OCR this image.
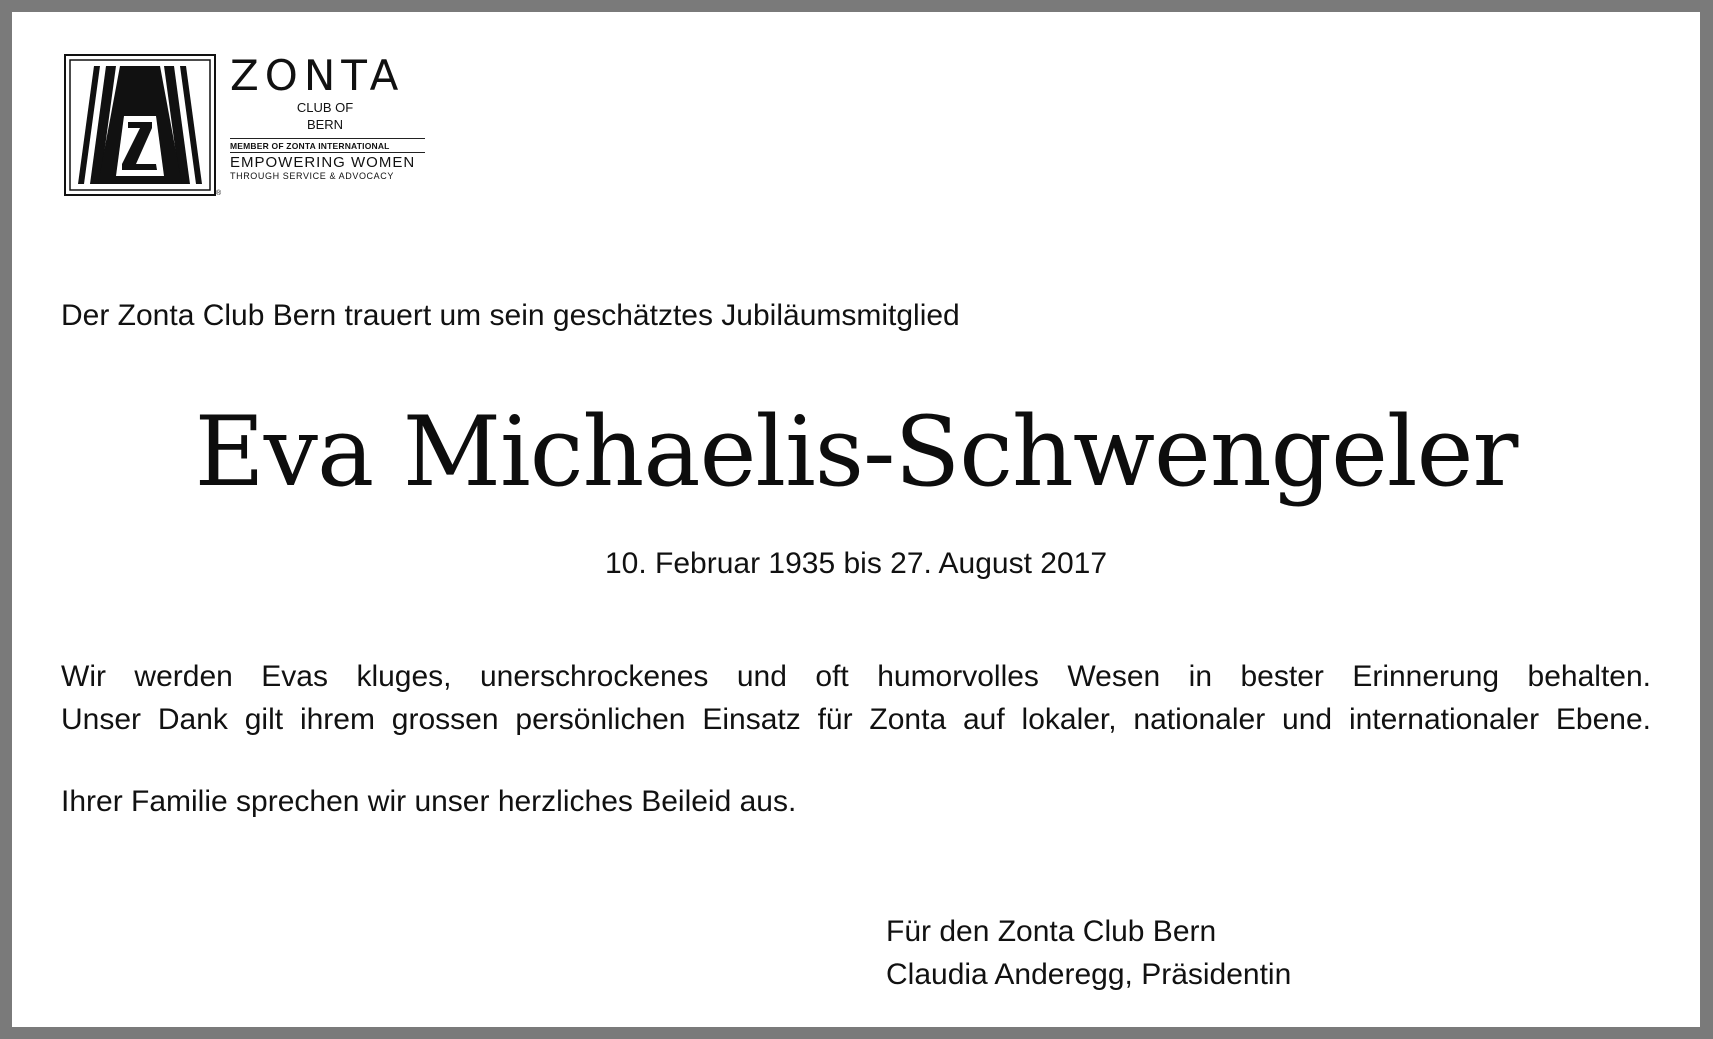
®
ZONTA
CLUB OF
BERN
MEMBER OF ZONTA INTERNATIONAL
EMPOWERING WOMEN
THROUGH SERVICE & ADVOCACY

Der Zonta Club Bern trauert um sein geschätztes Jubiläumsmitglied

Eva Michaelis-Schwengeler

10. Februar 1935 bis 27. August 2017

Wir werden Evas kluges, unerschrockenes und oft humorvolles Wesen in bester Erinnerung behalten.
Unser Dank gilt ihrem grossen persönlichen Einsatz für Zonta auf lokaler, nationaler und internationaler Ebene.

Ihrer Familie sprechen wir unser herzliches Beileid aus.

Für den Zonta Club Bern
Claudia Anderegg, Präsidentin
